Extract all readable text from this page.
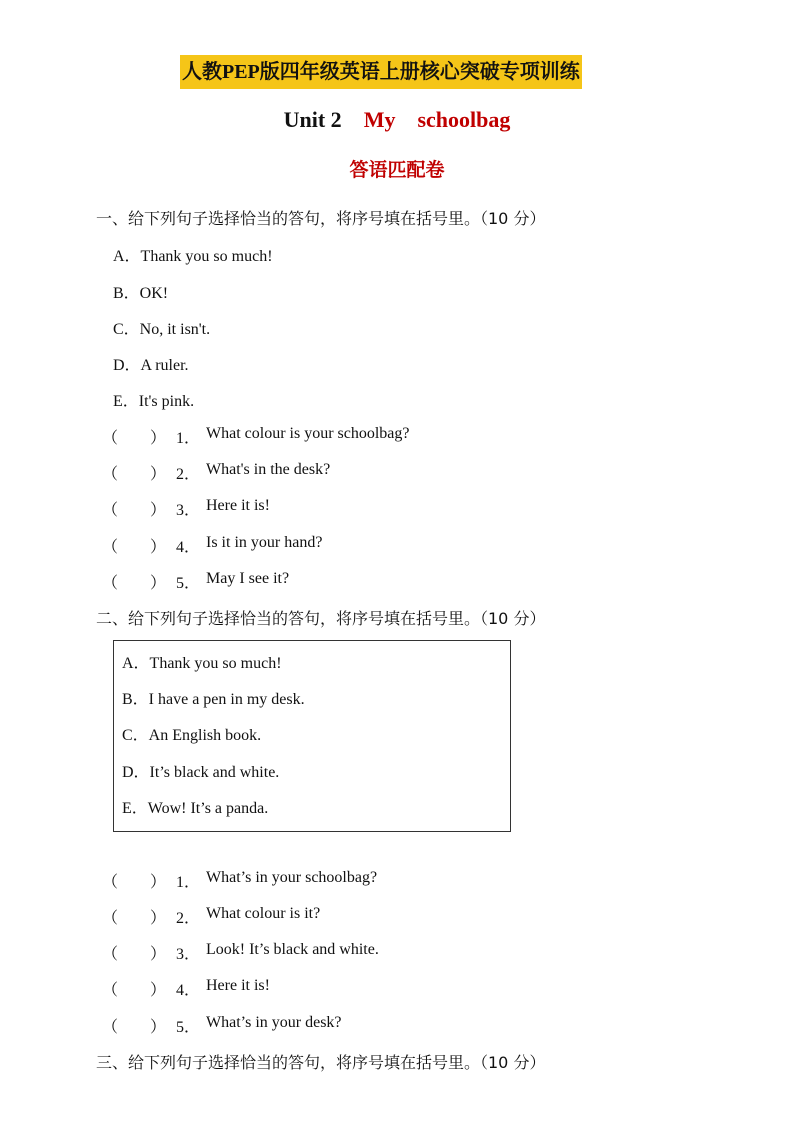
人教PEP版四年级英语上册核心突破专项训练
Unit 2 My schoolbag
答语匹配卷
一、给下列句子选择恰当的答句，将序号填在括号里。（10 分）
A．Thank you so much!
B．OK!
C．No, it isn't.
D．A ruler.
E．It's pink.
（　　） 1． What colour is your schoolbag?
（　　） 2． What's in the desk?
（　　） 3． Here it is!
（　　） 4． Is it in your hand?
（　　） 5． May I see it?
二、给下列句子选择恰当的答句，将序号填在括号里。（10 分）
A．Thank you so much!
B．I have a pen in my desk.
C．An English book.
D．It’s black and white.
E．Wow! It’s a panda.
（　　） 1． What’s in your schoolbag?
（　　） 2． What colour is it?
（　　） 3． Look! It’s black and white.
（　　） 4． Here it is!
（　　） 5． What’s in your desk?
三、给下列句子选择恰当的答句，将序号填在括号里。（10 分）
